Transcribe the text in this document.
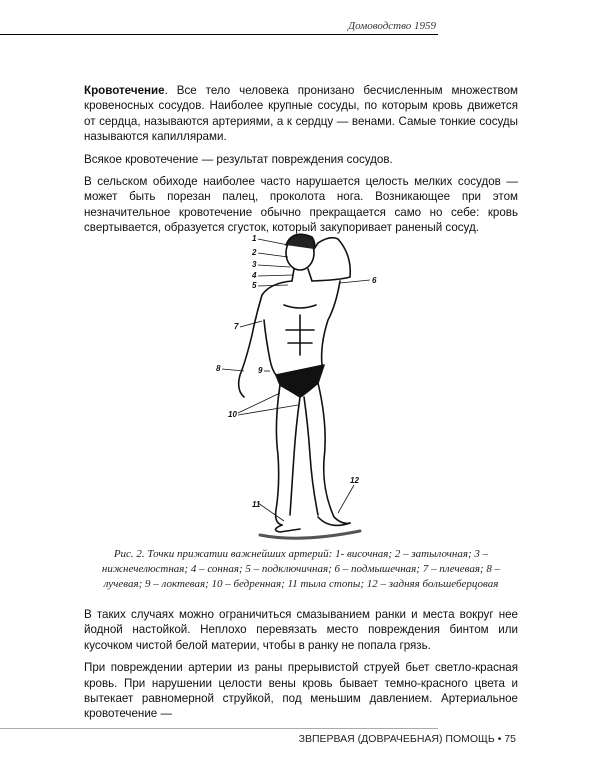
Домоводство 1959

Кровотечение. Все тело человека пронизано бесчисленным множеством кровеносных сосудов. Наиболее крупные сосуды, по которым кровь движется от сердца, называются артериями, а к сердцу — венами. Самые тонкие сосуды называются капиллярами.

Всякое кровотечение — результат повреждения сосудов.

В сельском обиходе наиболее часто нарушается целость мелких сосудов — может быть порезан палец, проколота нога. Возникающее при этом незначительное кровотечение обычно прекращается само но себе: кровь свертывается, образуется сгусток, который закупоривает раненый сосуд.

1
2
3
4
5
6
7
8	9
10
11
12
Рис. 2. Точки прижатии важнейших артерий: 1- височная; 2 – затылочная; 3 – нижнечелюстная; 4 – сонная; 5 – подключичная; 6 – подмышечная; 7 – плечевая; 8 – лучевая; 9 – локтевая; 10 – бедренная; 11 тыла стопы; 12 – задняя большеберцовая

В таких случаях можно ограничиться смазыванием ранки и места вокруг нее йодной настойкой. Неплохо перевязать место повреждения бинтом или кусочком чистой белой материи, чтобы в ранку не попала грязь.

При повреждении артерии из раны прерывистой струей бьет светло-красная кровь. При нарушении целости вены кровь бывает темно-красного цвета и вытекает равномерной струйкой, под меньшим давлением. Артериальное кровотечение —

ЗВПЕРВАЯ (ДОВРАЧЕБНАЯ) ПОМОЩЬ • 75
